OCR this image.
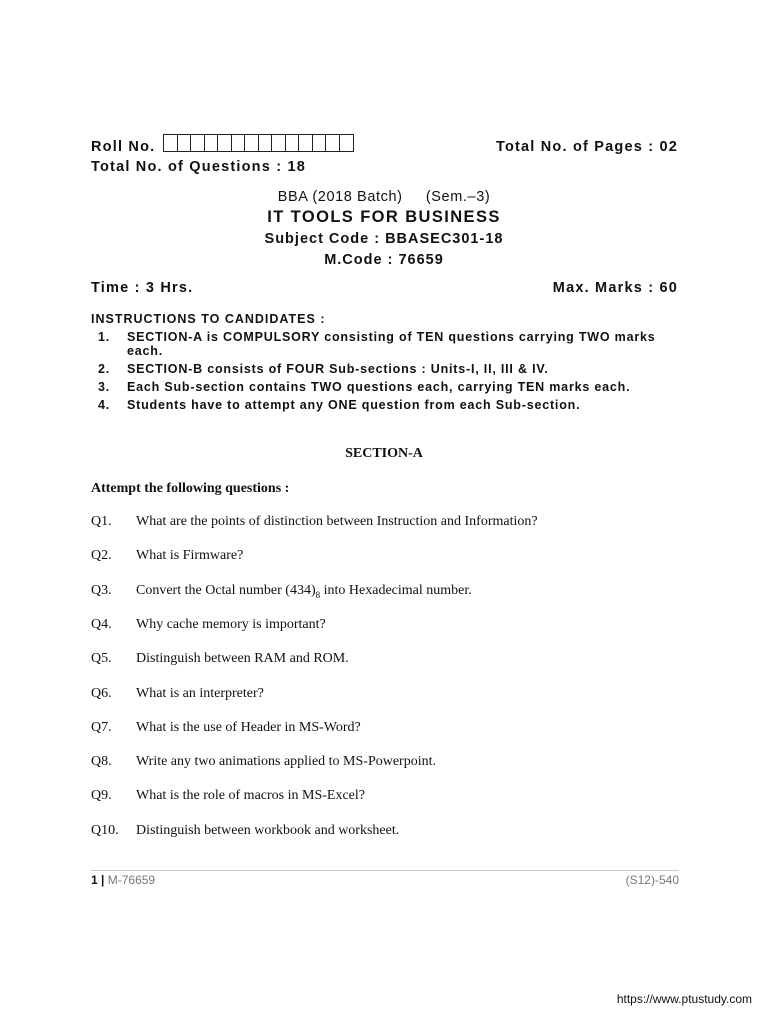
Roll No.	Total No. of Pages : 02
Total No. of Questions : 18
BBA (2018 Batch) (Sem.–3)
IT TOOLS FOR BUSINESS
Subject Code : BBASEC301-18
M.Code : 76659
Time : 3 Hrs.	Max. Marks : 60
INSTRUCTIONS TO CANDIDATES :
1. SECTION-A is COMPULSORY consisting of TEN questions carrying TWO marks each.
2. SECTION-B consists of FOUR Sub-sections : Units-I, II, III & IV.
3. Each Sub-section contains TWO questions each, carrying TEN marks each.
4. Students have to attempt any ONE question from each Sub-section.
SECTION-A
Attempt the following questions :
Q1. What are the points of distinction between Instruction and Information?
Q2. What is Firmware?
Q3. Convert the Octal number $(434)_8$ into Hexadecimal number.
Q4. Why cache memory is important?
Q5. Distinguish between RAM and ROM.
Q6. What is an interpreter?
Q7. What is the use of Header in MS-Word?
Q8. Write any two animations applied to MS-Powerpoint.
Q9. What is the role of macros in MS-Excel?
Q10. Distinguish between workbook and worksheet.
1 | M-76659	(S12)-540
https://www.ptustudy.com
